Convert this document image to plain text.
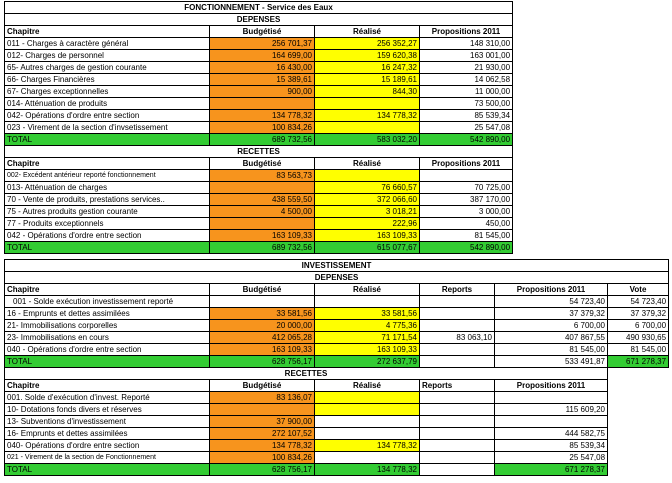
FONCTIONNEMENT - Service des Eaux			
DEPENSES			
Chapitre	Budgétisé	Réalisé	Propositions 2011
011 - Charges à caractère général	256 701,37	256 352,27	148 310,00
012- Charges de personnel	164 699,00	159 620,38	163 001,00
65- Autres charges de gestion courante	16 430,00	16 247,32	21 930,00
66- Charges Financières	15 389,61	15 189,61	14 062,58
67- Charges exceptionnelles	900,00	844,30	11 000,00
014- Atténuation de produits			73 500,00
042- Opérations d'ordre entre section	134 778,32	134 778,32	85 539,34
023 - Virement de la section d'invsetissement	100 834,26		25 547,08
TOTAL	689 732,56	583 032,20	542 890,00
RECETTES			
Chapitre	Budgétisé	Réalisé	Propositions 2011
002- Excédent antérieur reporté fonctionnement	83 563,73		
013- Atténuation de charges		76 660,57	70 725,00
70 - Vente de produits, prestations services..	438 559,50	372 066,60	387 170,00
75 - Autres produits gestion courante	4 500,00	3 018,21	3 000,00
77 - Produits exceptionnels		222,96	450,00
042 - Opérations d'ordre entre section	163 109,33	163 109,33	81 545,00
TOTAL	689 732,56	615 077,67	542 890,00
INVESTISSEMENT					
DEPENSES					
Chapitre	Budgétisé	Réalisé	Reports	Propositions 2011	Vote
001 - Solde exécution investissement reporté				54 723,40	54 723,40
16 - Emprunts et dettes assimilées	33 581,56	33 581,56		37 379,32	37 379,32
21- Immobilisations corporelles	20 000,00	4 775,36		6 700,00	6 700,00
23- Immobilisations en cours	412 065,28	71 171,54	83 063,10	407 867,55	490 930,65
040 - Opérations d'ordre entre section	163 109,33	163 109,33		81 545,00	81 545,00
TOTAL	628 756,17	272 637,79		533 491,87	671 278,37
RECETTES				
Chapitre	Budgétisé	Réalisé	Reports	Propositions 2011
001. Solde d'exécution d'invest. Reporté	83 136,07			
10- Dotations fonds divers et réserves				115 609,20
13- Subventions d'investissement	37 900,00			
16- Emprunts et dettes assimilées	272 107,52			444 582,75
040- Opérations d'ordre entre section	134 778,32	134 778,32		85 539,34
021 - Virement de la section de Fonctionnement	100 834,26			25 547,08
TOTAL	628 756,17	134 778,32		671 278,37
